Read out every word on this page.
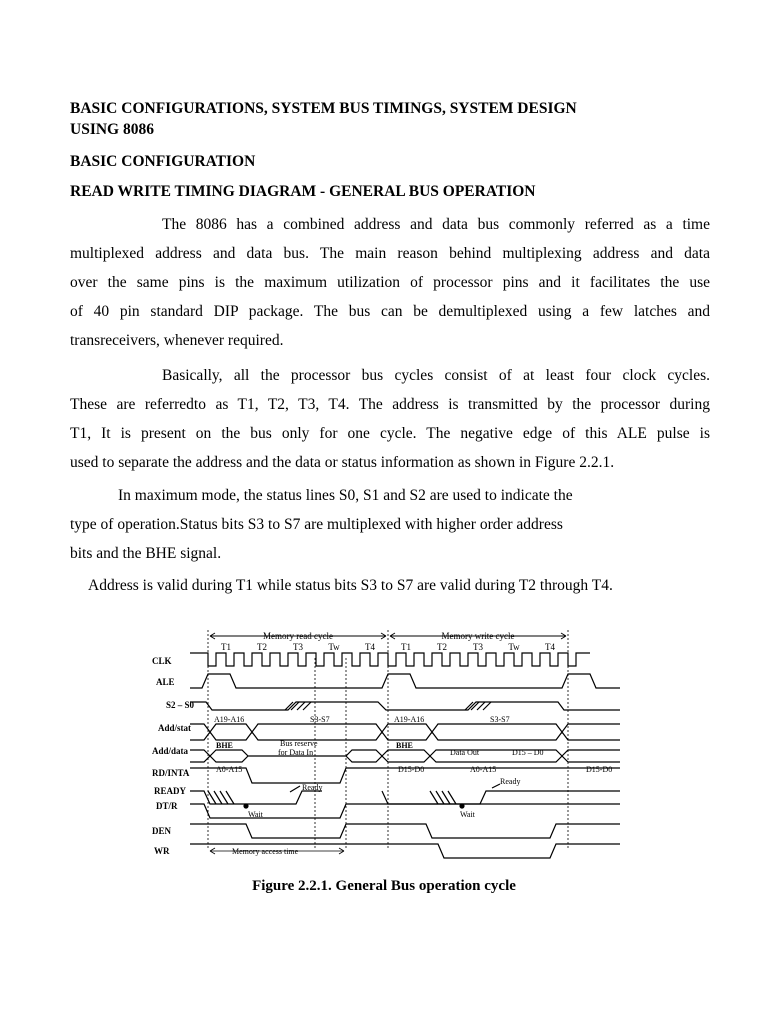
BASIC CONFIGURATIONS, SYSTEM BUS TIMINGS, SYSTEM DESIGN
USING 8086

BASIC CONFIGURATION

READ WRITE TIMING DIAGRAM - GENERAL BUS OPERATION

The 8086 has a combined address and data bus commonly referred as a time
multiplexed address and data bus. The main reason behind multiplexing address and data
over the same pins is the maximum utilization of processor pins and it facilitates the use
of 40 pin standard DIP package. The bus can be demultiplexed using a few latches and
transreceivers, whenever required.
Basically, all the processor bus cycles consist of at least four clock cycles.
These are referredto as T1, T2, T3, T4. The address is transmitted by the processor during
T1, It is present on the bus only for one cycle. The negative edge of this ALE pulse is
used to separate the address and the data or status information as shown in Figure 2.2.1.

In maximum mode, the status lines S0, S1 and S2 are used to indicate the

type of operation.Status bits S3 to S7 are multiplexed with higher order address

bits and the BHE signal.

Address is valid during T1 while status bits S3 to S7 are valid during T2 through T4.

Memory read cycle	Memory write cycle
T1	T2	T3	Tw	T4	T1	T2	T3	Tw	T4
CLK
ALE
S2 – S0
Add/stat
Add/data
RD/INTA
READY
DT/R
DEN
WR
A19-A16	S3-S7	A19-A16	S3-S7
BHE	BHE
Bus reserve
for Data In
A0-A15	D15-D0
Data Out	D15 – D0
A0-A15	D15-D0
Ready
Ready
Wait	Wait
Memory access time
Figure 2.2.1. General Bus operation cycle
